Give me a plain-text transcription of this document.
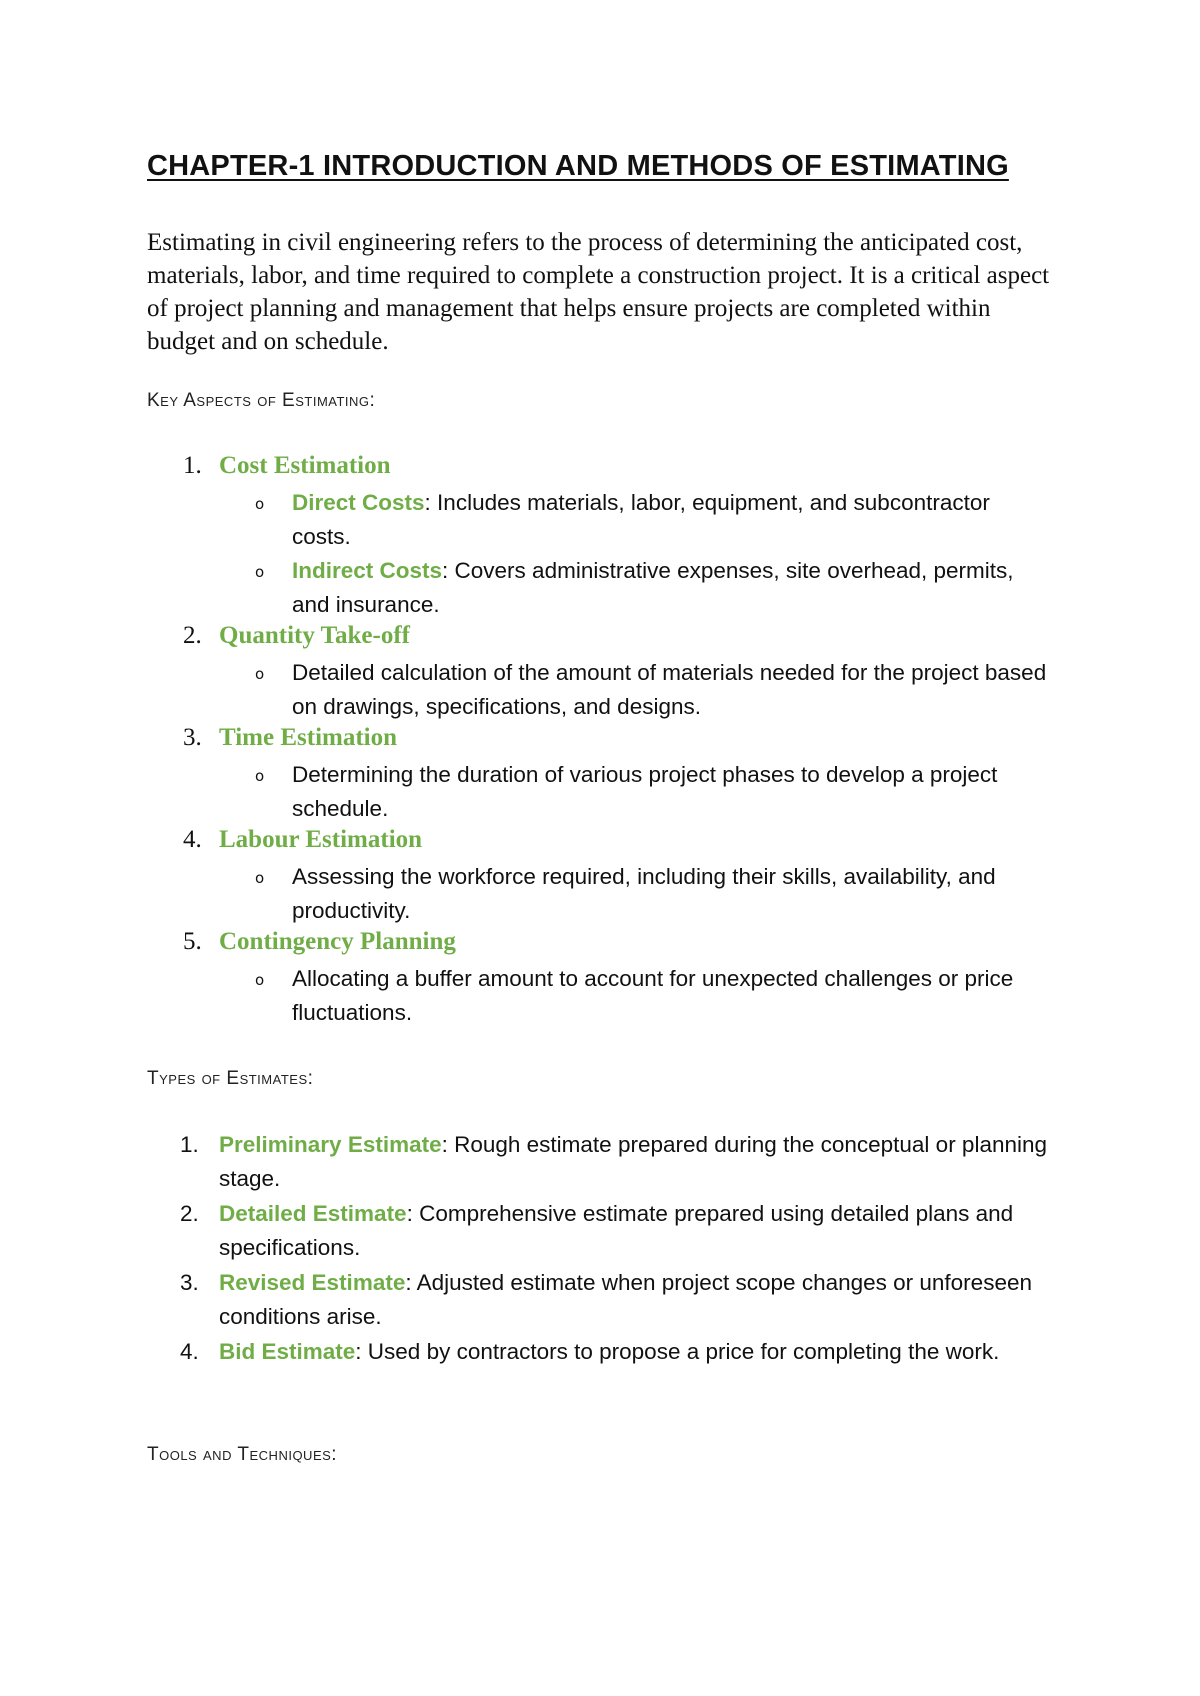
CHAPTER-1 INTRODUCTION AND METHODS OF ESTIMATING
Estimating in civil engineering refers to the process of determining the anticipated cost, materials, labor, and time required to complete a construction project. It is a critical aspect of project planning and management that helps ensure projects are completed within budget and on schedule.
Key Aspects of Estimating:
1. Cost Estimation
o Direct Costs: Includes materials, labor, equipment, and subcontractor costs.
o Indirect Costs: Covers administrative expenses, site overhead, permits, and insurance.
2. Quantity Take-off
o Detailed calculation of the amount of materials needed for the project based on drawings, specifications, and designs.
3. Time Estimation
o Determining the duration of various project phases to develop a project schedule.
4. Labour Estimation
o Assessing the workforce required, including their skills, availability, and productivity.
5. Contingency Planning
o Allocating a buffer amount to account for unexpected challenges or price fluctuations.
Types of Estimates:
1. Preliminary Estimate: Rough estimate prepared during the conceptual or planning stage.
2. Detailed Estimate: Comprehensive estimate prepared using detailed plans and specifications.
3. Revised Estimate: Adjusted estimate when project scope changes or unforeseen conditions arise.
4. Bid Estimate: Used by contractors to propose a price for completing the work.
Tools and Techniques:
